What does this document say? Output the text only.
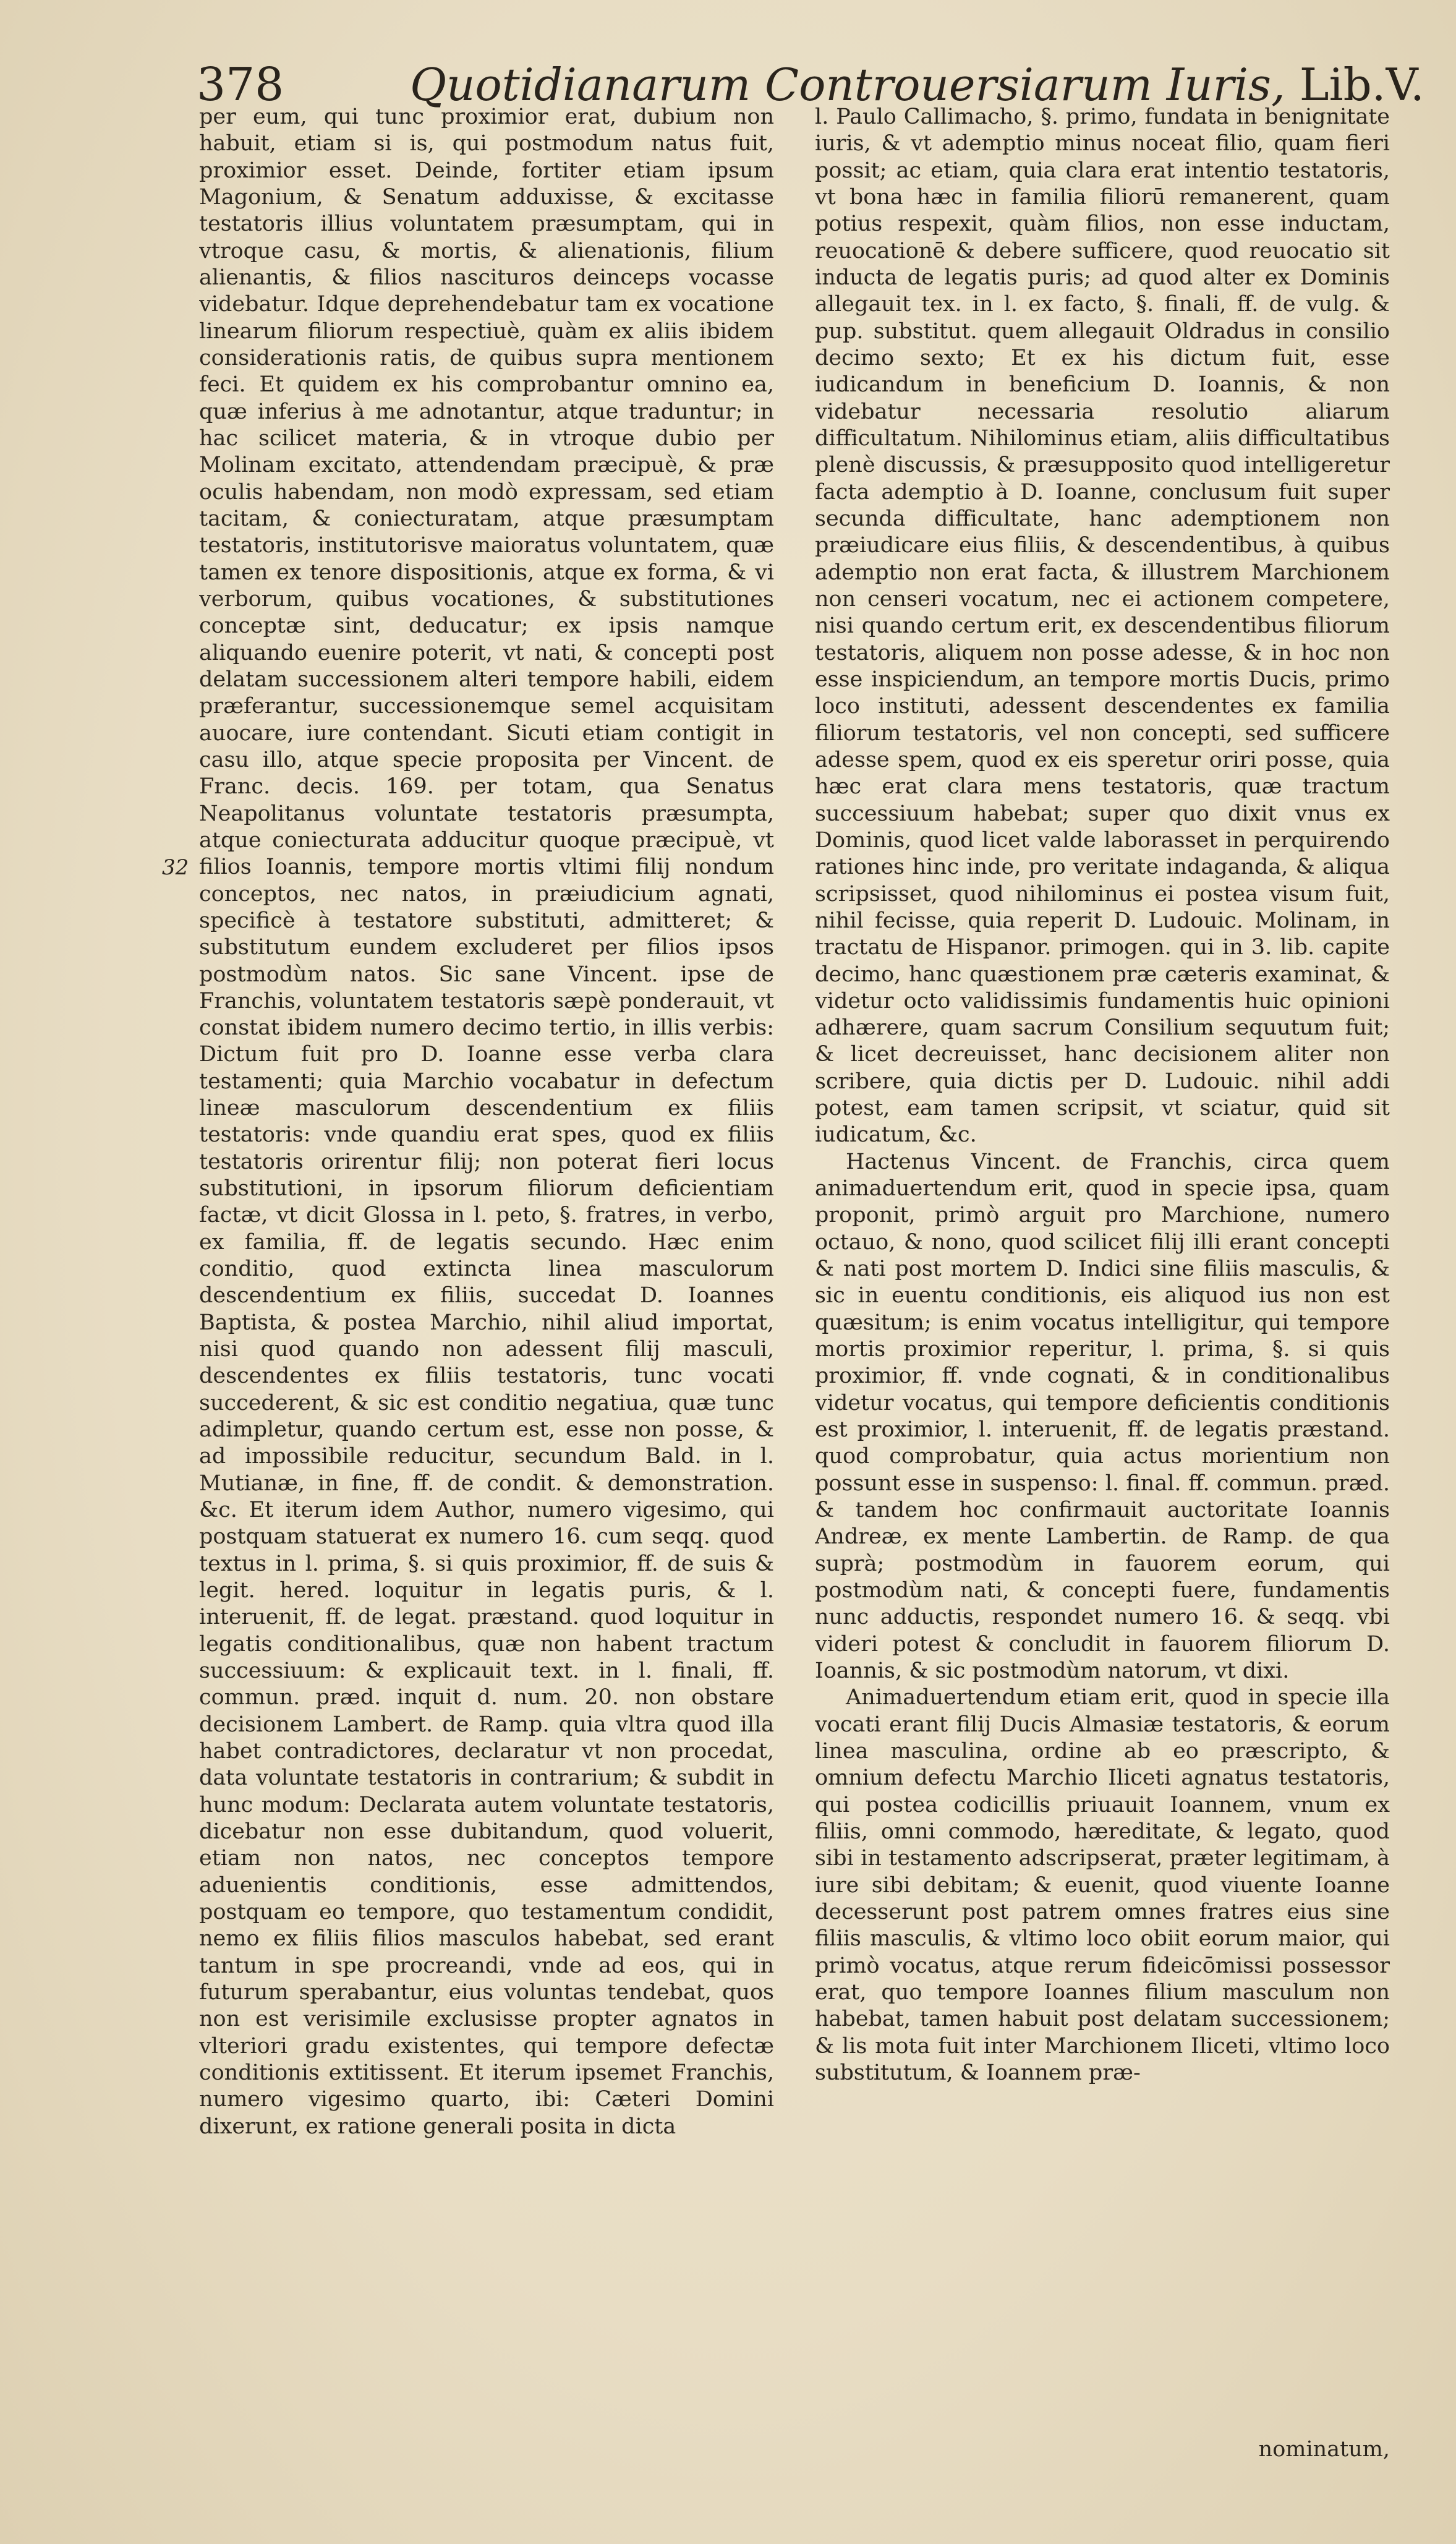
378	Quotidianarum Controuersiarum Iuris, Lib.V.
32

per eum, qui tunc proximior erat, dubium non habuit, etiam si is, qui postmodum natus fuit, proximior esset. Deinde, fortiter etiam ipsum Magonium, & Senatum adduxisse, & excitasse testatoris illius voluntatem præsumptam, qui in vtroque casu, & mortis, & alienationis, filium alienantis, & filios nascituros deinceps vocasse videbatur. Idque deprehendebatur tam ex vocatione linearum filiorum respectiuè, quàm ex aliis ibidem considerationis ratis, de quibus supra mentionem feci. Et quidem ex his comprobantur omnino ea, quæ inferius à me adnotantur, atque traduntur; in hac scilicet materia, & in vtroque dubio per Molinam excitato, attendendam præcipuè, & præ oculis habendam, non modò expressam, sed etiam tacitam, & coniecturatam, atque præsumptam testatoris, institutorisve maioratus voluntatem, quæ tamen ex tenore dispositionis, atque ex forma, & vi verborum, quibus vocationes, & substitutiones conceptæ sint, deducatur; ex ipsis namque aliquando euenire poterit, vt nati, & concepti post delatam successionem alteri tempore habili, eidem præferantur, successionemque semel acquisitam auocare, iure contendant. Sicuti etiam contigit in casu illo, atque specie proposita per Vincent. de Franc. decis. 169. per totam, qua Senatus Neapolitanus voluntate testatoris præsumpta, atque coniecturata adducitur quoque præcipuè, vt filios Ioannis, tempore mortis vltimi filij nondum conceptos, nec natos, in præiudicium agnati, specificè à testatore substituti, admitteret; & substitutum eundem excluderet per filios ipsos postmodùm natos. Sic sane Vincent. ipse de Franchis, voluntatem testatoris sæpè ponderauit, vt constat ibidem numero decimo tertio, in illis verbis: Dictum fuit pro D. Ioanne esse verba clara testamenti; quia Marchio vocabatur in defectum lineæ masculorum descendentium ex filiis testatoris: vnde quandiu erat spes, quod ex filiis testatoris orirentur filij; non poterat fieri locus substitutioni, in ipsorum filiorum deficientiam factæ, vt dicit Glossa in l. peto, §. fratres, in verbo, ex familia, ff. de legatis secundo. Hæc enim conditio, quod extincta linea masculorum descendentium ex filiis, succedat D. Ioannes Baptista, & postea Marchio, nihil aliud importat, nisi quod quando non adessent filij masculi, descendentes ex filiis testatoris, tunc vocati succederent, & sic est conditio negatiua, quæ tunc adimpletur, quando certum est, esse non posse, & ad impossibile reducitur, secundum Bald. in l. Mutianæ, in fine, ff. de condit. & demonstration. &c. Et iterum idem Author, numero vigesimo, qui postquam statuerat ex numero 16. cum seqq. quod textus in l. prima, §. si quis proximior, ff. de suis & legit. hered. loquitur in legatis puris, & l. interuenit, ff. de legat. præstand. quod loquitur in legatis conditionalibus, quæ non habent tractum successiuum: & explicauit text. in l. finali, ff. commun. præd. inquit d. num. 20. non obstare decisionem Lambert. de Ramp. quia vltra quod illa habet contradictores, declaratur vt non procedat, data voluntate testatoris in contrarium; & subdit in hunc modum: Declarata autem voluntate testatoris, dicebatur non esse dubitandum, quod voluerit, etiam non natos, nec conceptos tempore aduenientis conditionis, esse admittendos, postquam eo tempore, quo testamentum condidit, nemo ex filiis filios masculos habebat, sed erant tantum in spe procreandi, vnde ad eos, qui in futurum sperabantur, eius voluntas tendebat, quos non est verisimile exclusisse propter agnatos in vlteriori gradu existentes, qui tempore defectæ conditionis extitissent. Et iterum ipsemet Franchis, numero vigesimo quarto, ibi: Cæteri Domini dixerunt, ex ratione generali posita in dicta

l. Paulo Callimacho, §. primo, fundata in benignitate iuris, & vt ademptio minus noceat filio, quam fieri possit; ac etiam, quia clara erat intentio testatoris, vt bona hæc in familia filiorū remanerent, quam potius respexit, quàm filios, non esse inductam, reuocationē & debere sufficere, quod reuocatio sit inducta de legatis puris; ad quod alter ex Dominis allegauit tex. in l. ex facto, §. finali, ff. de vulg. & pup. substitut. quem allegauit Oldradus in consilio decimo sexto; Et ex his dictum fuit, esse iudicandum in beneficium D. Ioannis, & non videbatur necessaria resolutio aliarum difficultatum. Nihilominus etiam, aliis difficultatibus plenè discussis, & præsupposito quod intelligeretur facta ademptio à D. Ioanne, conclusum fuit super secunda difficultate, hanc ademptionem non præiudicare eius filiis, & descendentibus, à quibus ademptio non erat facta, & illustrem Marchionem non censeri vocatum, nec ei actionem competere, nisi quando certum erit, ex descendentibus filiorum testatoris, aliquem non posse adesse, & in hoc non esse inspiciendum, an tempore mortis Ducis, primo loco instituti, adessent descendentes ex familia filiorum testatoris, vel non concepti, sed sufficere adesse spem, quod ex eis speretur oriri posse, quia hæc erat clara mens testatoris, quæ tractum successiuum habebat; super quo dixit vnus ex Dominis, quod licet valde laborasset in perquirendo rationes hinc inde, pro veritate indaganda, & aliqua scripsisset, quod nihilominus ei postea visum fuit, nihil fecisse, quia reperit D. Ludouic. Molinam, in tractatu de Hispanor. primogen. qui in 3. lib. capite decimo, hanc quæstionem præ cæteris examinat, & videtur octo validissimis fundamentis huic opinioni adhærere, quam sacrum Consilium sequutum fuit; & licet decreuisset, hanc decisionem aliter non scribere, quia dictis per D. Ludouic. nihil addi potest, eam tamen scripsit, vt sciatur, quid sit iudicatum, &c.

Hactenus Vincent. de Franchis, circa quem animaduertendum erit, quod in specie ipsa, quam proponit, primò arguit pro Marchione, numero octauo, & nono, quod scilicet filij illi erant concepti & nati post mortem D. Indici sine filiis masculis, & sic in euentu conditionis, eis aliquod ius non est quæsitum; is enim vocatus intelligitur, qui tempore mortis proximior reperitur, l. prima, §. si quis proximior, ff. vnde cognati, & in conditionalibus videtur vocatus, qui tempore deficientis conditionis est proximior, l. interuenit, ff. de legatis præstand. quod comprobatur, quia actus morientium non possunt esse in suspenso: l. final. ff. commun. præd. & tandem hoc confirmauit auctoritate Ioannis Andreæ, ex mente Lambertin. de Ramp. de qua suprà; postmodùm in fauorem eorum, qui postmodùm nati, & concepti fuere, fundamentis nunc adductis, respondet numero 16. & seqq. vbi videri potest & concludit in fauorem filiorum D. Ioannis, & sic postmodùm natorum, vt dixi.

Animaduertendum etiam erit, quod in specie illa vocati erant filij Ducis Almasiæ testatoris, & eorum linea masculina, ordine ab eo præscripto, & omnium defectu Marchio Iliceti agnatus testatoris, qui postea codicillis priuauit Ioannem, vnum ex filiis, omni commodo, hæreditate, & legato, quod sibi in testamento adscripserat, præter legitimam, à iure sibi debitam; & euenit, quod viuente Ioanne decesserunt post patrem omnes fratres eius sine filiis masculis, & vltimo loco obiit eorum maior, qui primò vocatus, atque rerum fideicōmissi possessor erat, quo tempore Ioannes filium masculum non habebat, tamen habuit post delatam successionem; & lis mota fuit inter Marchionem Iliceti, vltimo loco substitutum, & Ioannem præ-

nominatum,
